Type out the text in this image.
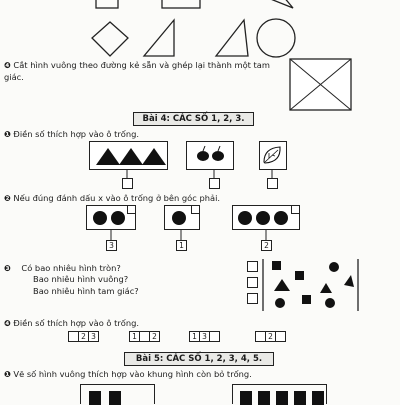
❹ Cắt hình vuông theo đường kẻ sẵn và ghép lại thành một tam giác.
Bài 4: CÁC SỐ 1, 2, 3.
❶ Điền số thích hợp vào ô trống.
❷ Nếu đúng đánh dấu x vào ô trống ở bên góc phải.
3	1	2
❸ Có bao nhiêu hình tròn?
Bao nhiêu hình vuông?
Bao nhiêu hình tam giác?
❹ Điền số thích hợp vào ô trống.
2 3	1	2	1 3	2
Bài 5: CÁC SỐ 1, 2, 3, 4, 5.
❶ Vẽ số hình vuông thích hợp vào khung hình còn bỏ trống.
